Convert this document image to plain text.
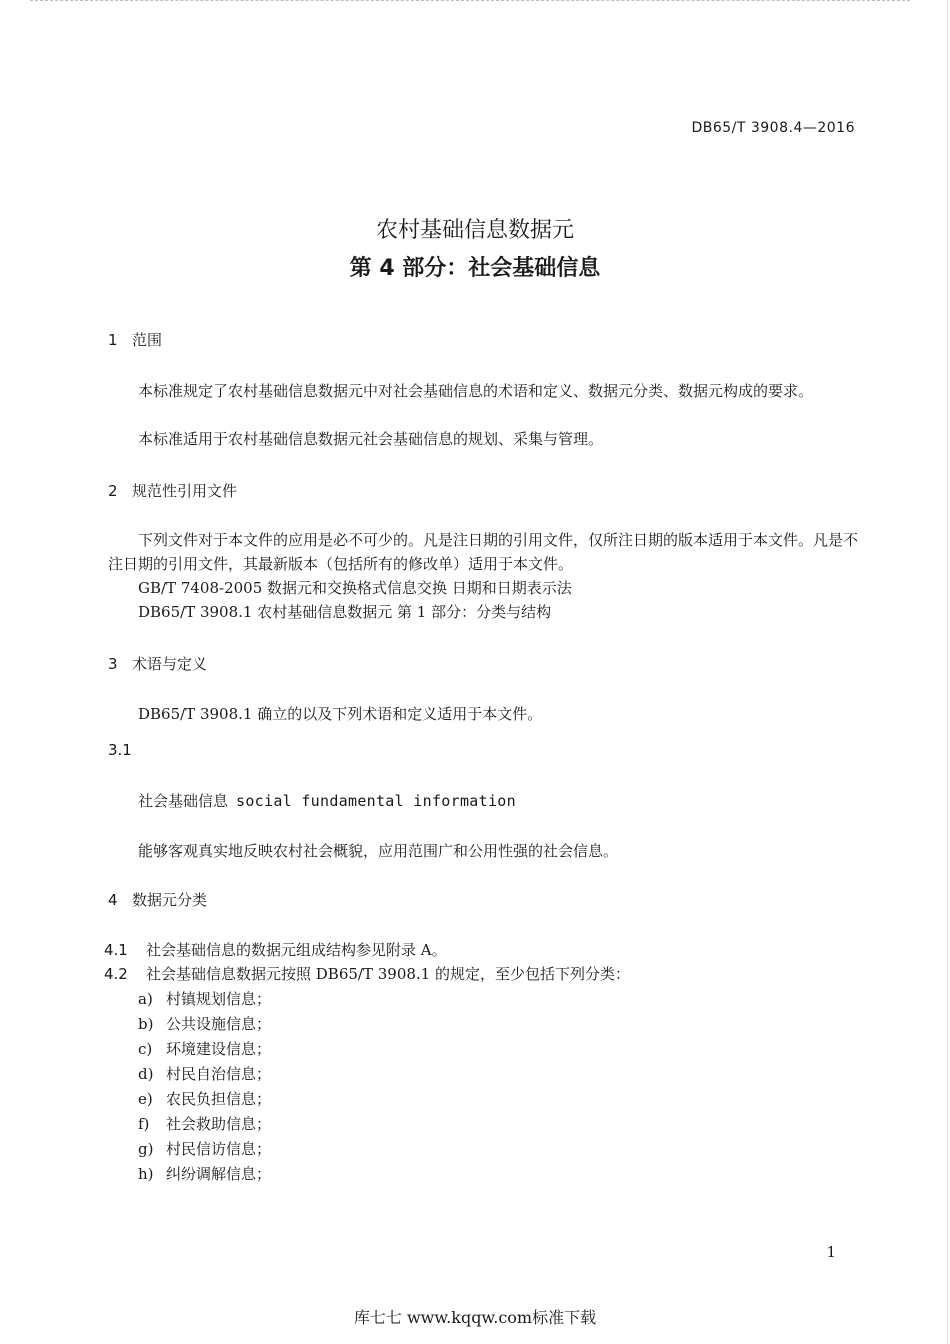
DB65/T 3908.4—2016
农村基础信息数据元
第 4 部分：社会基础信息
1 范围
本标准规定了农村基础信息数据元中对社会基础信息的术语和定义、数据元分类、数据元构成的要求。
本标准适用于农村基础信息数据元社会基础信息的规划、采集与管理。
2 规范性引用文件
下列文件对于本文件的应用是必不可少的。凡是注日期的引用文件，仅所注日期的版本适用于本文件。凡是不注日期的引用文件，其最新版本（包括所有的修改单）适用于本文件。
GB/T 7408-2005 数据元和交换格式信息交换 日期和日期表示法
DB65/T 3908.1 农村基础信息数据元 第 1 部分：分类与结构
3 术语与定义
DB65/T 3908.1 确立的以及下列术语和定义适用于本文件。
3.1
社会基础信息 social fundamental information
能够客观真实地反映农村社会概貌，应用范围广和公用性强的社会信息。
4 数据元分类
4.1 社会基础信息的数据元组成结构参见附录 A。
4.2 社会基础信息数据元按照 DB65/T 3908.1 的规定，至少包括下列分类：
a) 村镇规划信息；
b) 公共设施信息；
c) 环境建设信息；
d) 村民自治信息；
e) 农民负担信息；
f) 社会救助信息；
g) 村民信访信息；
h) 纠纷调解信息；
1
库七七 www.kqqw.com标准下载
